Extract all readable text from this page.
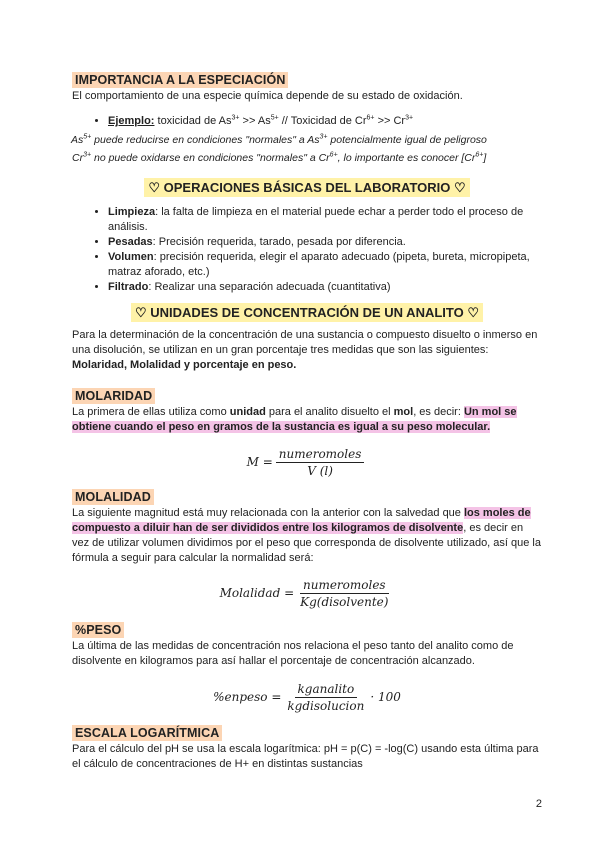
IMPORTANCIA A LA ESPECIACIÓN

El comportamiento de una especie química depende de su estado de oxidación.

• Ejemplo: toxicidad de $As^{3+} >> As^{5+}$ // Toxicidad de $Cr^{6+} >> Cr^{3+}$

$As^{5+}$ puede reducirse en condiciones "normales" a $As^{3+}$ potencialmente igual de peligroso

$Cr^{3+}$ no puede oxidarse en condiciones "normales" a $Cr^{6+}$, lo importante es conocer $[Cr^{6+}]$

♡ OPERACIONES BÁSICAS DEL LABORATORIO ♡
• Limpieza: la falta de limpieza en el material puede echar a perder todo el proceso de análisis.
• Pesadas: Precisión requerida, tarado, pesada por diferencia.
• Volumen: precisión requerida, elegir el aparato adecuado (pipeta, bureta, micropipeta, matraz aforado, etc.)
• Filtrado: Realizar una separación adecuada (cuantitativa)
♡ UNIDADES DE CONCENTRACIÓN DE UN ANALITO ♡

Para la determinación de la concentración de una sustancia o compuesto disuelto o inmerso en una disolución, se utilizan en un gran porcentaje tres medidas que son las siguientes:

Molaridad, Molalidad y porcentaje en peso.

MOLARIDAD

La primera de ellas utiliza como unidad para el analito disuelto el mol, es decir: Un mol se obtiene cuando el peso en gramos de la sustancia es igual a su peso molecular.

$M = \frac{\text{numeromoles}}{V (l)}$
MOLALIDAD

La siguiente magnitud está muy relacionada con la anterior con la salvedad que los moles de compuesto a diluir han de ser divididos entre los kilogramos de disolvente, es decir en vez de utilizar volumen dividimos por el peso que corresponda de disolvente utilizado, así que la fórmula a seguir para calcular la normalidad será:

Molalidad = $\frac{\text{numeromoles}}{\text{Kg(disolvente)}}$
%PESO

La última de las medidas de concentración nos relaciona el peso tanto del analito como de disolvente en kilogramos para así hallar el porcentaje de concentración alcanzado.

%enpeso = $\frac{\text{kganalito}}{\text{kgdisolucion}} \cdot 100$
ESCALA LOGARÍTMICA

Para el cálculo del pH se usa la escala logarítmica: pH = p(C) = -log(C) usando esta última para el cálculo de concentraciones de H+ en distintas sustancias

2
